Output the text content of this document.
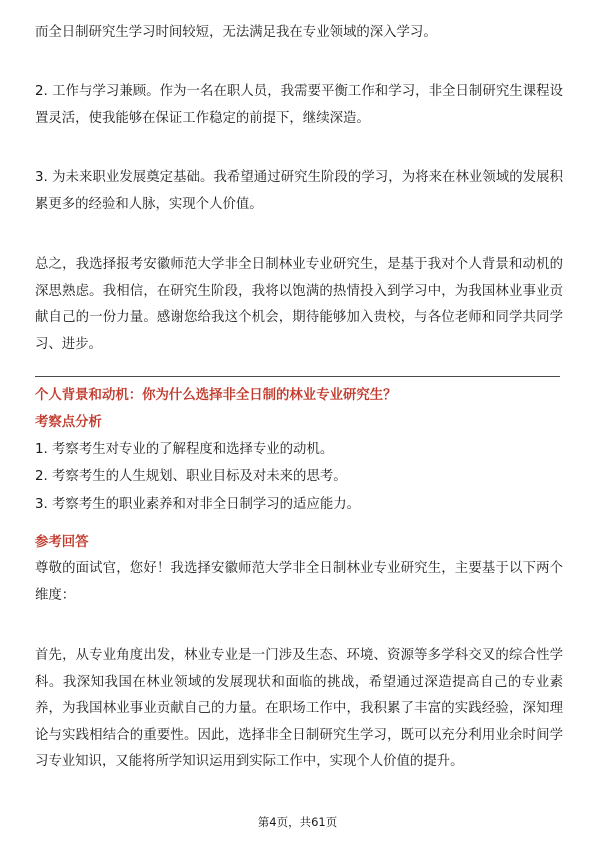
而全日制研究生学习时间较短，无法满足我在专业领域的深入学习。

2. 工作与学习兼顾。作为一名在职人员，我需要平衡工作和学习，非全日制研究生课程设置灵活，使我能够在保证工作稳定的前提下，继续深造。

3. 为未来职业发展奠定基础。我希望通过研究生阶段的学习，为将来在林业领域的发展积累更多的经验和人脉，实现个人价值。

总之，我选择报考安徽师范大学非全日制林业专业研究生，是基于我对个人背景和动机的深思熟虑。我相信，在研究生阶段，我将以饱满的热情投入到学习中，为我国林业事业贡献自己的一份力量。感谢您给我这个机会，期待能够加入贵校，与各位老师和同学共同学习、进步。

个人背景和动机：你为什么选择非全日制的林业专业研究生？

考察点分析

1. 考察考生对专业的了解程度和选择专业的动机。

2. 考察考生的人生规划、职业目标及对未来的思考。

3. 考察考生的职业素养和对非全日制学习的适应能力。

参考回答

尊敬的面试官，您好！我选择安徽师范大学非全日制林业专业研究生，主要基于以下两个维度：

首先，从专业角度出发，林业专业是一门涉及生态、环境、资源等多学科交叉的综合性学科。我深知我国在林业领域的发展现状和面临的挑战，希望通过深造提高自己的专业素养，为我国林业事业贡献自己的力量。在职场工作中，我积累了丰富的实践经验，深知理论与实践相结合的重要性。因此，选择非全日制研究生学习，既可以充分利用业余时间学习专业知识，又能将所学知识运用到实际工作中，实现个人价值的提升。

第4页，共61页
